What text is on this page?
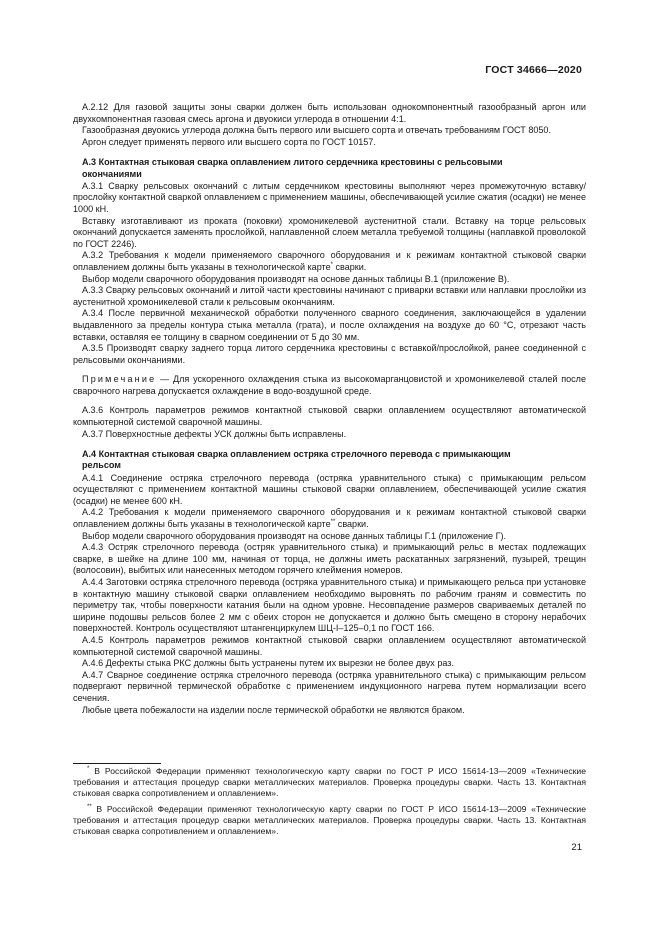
ГОСТ 34666—2020

А.2.12 Для газовой защиты зоны сварки должен быть использован однокомпонентный газообразный аргон или двухкомпонентная газовая смесь аргона и двуокиси углерода в отношении 4:1.

Газообразная двуокись углерода должна быть первого или высшего сорта и отвечать требованиям ГОСТ 8050.

Аргон следует применять первого или высшего сорта по ГОСТ 10157.

А.3 Контактная стыковая сварка оплавлением литого сердечника крестовины с рельсовыми
окончаниями

А.3.1 Сварку рельсовых окончаний с литым сердечником крестовины выполняют через промежуточную вставку/прослойку контактной сваркой оплавлением с применением машины, обеспечивающей усилие сжатия (осадки) не менее 1000 кН.

Вставку изготавливают из проката (поковки) хромоникелевой аустенитной стали. Вставку на торце рельсовых окончаний допускается заменять прослойкой, наплавленной слоем металла требуемой толщины (наплавкой проволокой по ГОСТ 2246).

А.3.2 Требования к модели применяемого сварочного оборудования и к режимам контактной стыковой сварки оплавлением должны быть указаны в технологической карте* сварки.

Выбор модели сварочного оборудования производят на основе данных таблицы В.1 (приложение В).

А.3.3 Сварку рельсовых окончаний и литой части крестовины начинают с приварки вставки или наплавки прослойки из аустенитной хромоникелевой стали к рельсовым окончаниям.

А.3.4 После первичной механической обработки полученного сварного соединения, заключающейся в удалении выдавленного за пределы контура стыка металла (грата), и после охлаждения на воздухе до 60 °С, отрезают часть вставки, оставляя ее толщину в сварном соединении от 5 до 30 мм.

А.3.5 Производят сварку заднего торца литого сердечника крестовины с вставкой/прослойкой, ранее соединенной с рельсовыми окончаниями.

Примечание — Для ускоренного охлаждения стыка из высокомарганцовистой и хромоникелевой сталей после сварочного нагрева допускается охлаждение в водо-воздушной среде.

А.3.6 Контроль параметров режимов контактной стыковой сварки оплавлением осуществляют автоматической компьютерной системой сварочной машины.

А.3.7 Поверхностные дефекты УСК должны быть исправлены.

А.4 Контактная стыковая сварка оплавлением остряка стрелочного перевода с примыкающим
рельсом

А.4.1 Соединение остряка стрелочного перевода (остряка уравнительного стыка) с примыкающим рельсом осуществляют с применением контактной машины стыковой сварки оплавлением, обеспечивающей усилие сжатия (осадки) не менее 600 кН.

А.4.2 Требования к модели применяемого сварочного оборудования и к режимам контактной стыковой сварки оплавлением должны быть указаны в технологической карте** сварки.

Выбор модели сварочного оборудования производят на основе данных таблицы Г.1 (приложение Г).

А.4.3 Остряк стрелочного перевода (остряк уравнительного стыка) и примыкающий рельс в местах подлежащих сварке, в шейке на длине 100 мм, начиная от торца, не должны иметь раскатанных загрязнений, пузырей, трещин (волосовин), выбитых или нанесенных методом горячего клеймения номеров.

А.4.4 Заготовки остряка стрелочного перевода (остряка уравнительного стыка) и примыкающего рельса при установке в контактную машину стыковой сварки оплавлением необходимо выровнять по рабочим граням и совместить по периметру так, чтобы поверхности катания были на одном уровне. Несовпадение размеров свариваемых деталей по ширине подошвы рельсов более 2 мм с обеих сторон не допускается и должно быть смещено в сторону нерабочих поверхностей. Контроль осуществляют штангенциркулем ШЦ-I–125–0,1 по ГОСТ 166.

А.4.5 Контроль параметров режимов контактной стыковой сварки оплавлением осуществляют автоматической компьютерной системой сварочной машины.

А.4.6 Дефекты стыка РКС должны быть устранены путем их вырезки не более двух раз.

А.4.7 Сварное соединение остряка стрелочного перевода (остряка уравнительного стыка) с примыкающим рельсом подвергают первичной термической обработке с применением индукционного нагрева путем нормализации всего сечения.

Любые цвета побежалости на изделии после термической обработки не являются браком.

* В Российской Федерации применяют технологическую карту сварки по ГОСТ Р ИСО 15614-13—2009 «Технические требования и аттестация процедур сварки металлических материалов. Проверка процедуры сварки. Часть 13. Контактная стыковая сварка сопротивлением и оплавлением».

** В Российской Федерации применяют технологическую карту сварки по ГОСТ Р ИСО 15614-13—2009 «Технические требования и аттестация процедур сварки металлических материалов. Проверка процедуры сварки. Часть 13. Контактная стыковая сварка сопротивлением и оплавлением».

21
